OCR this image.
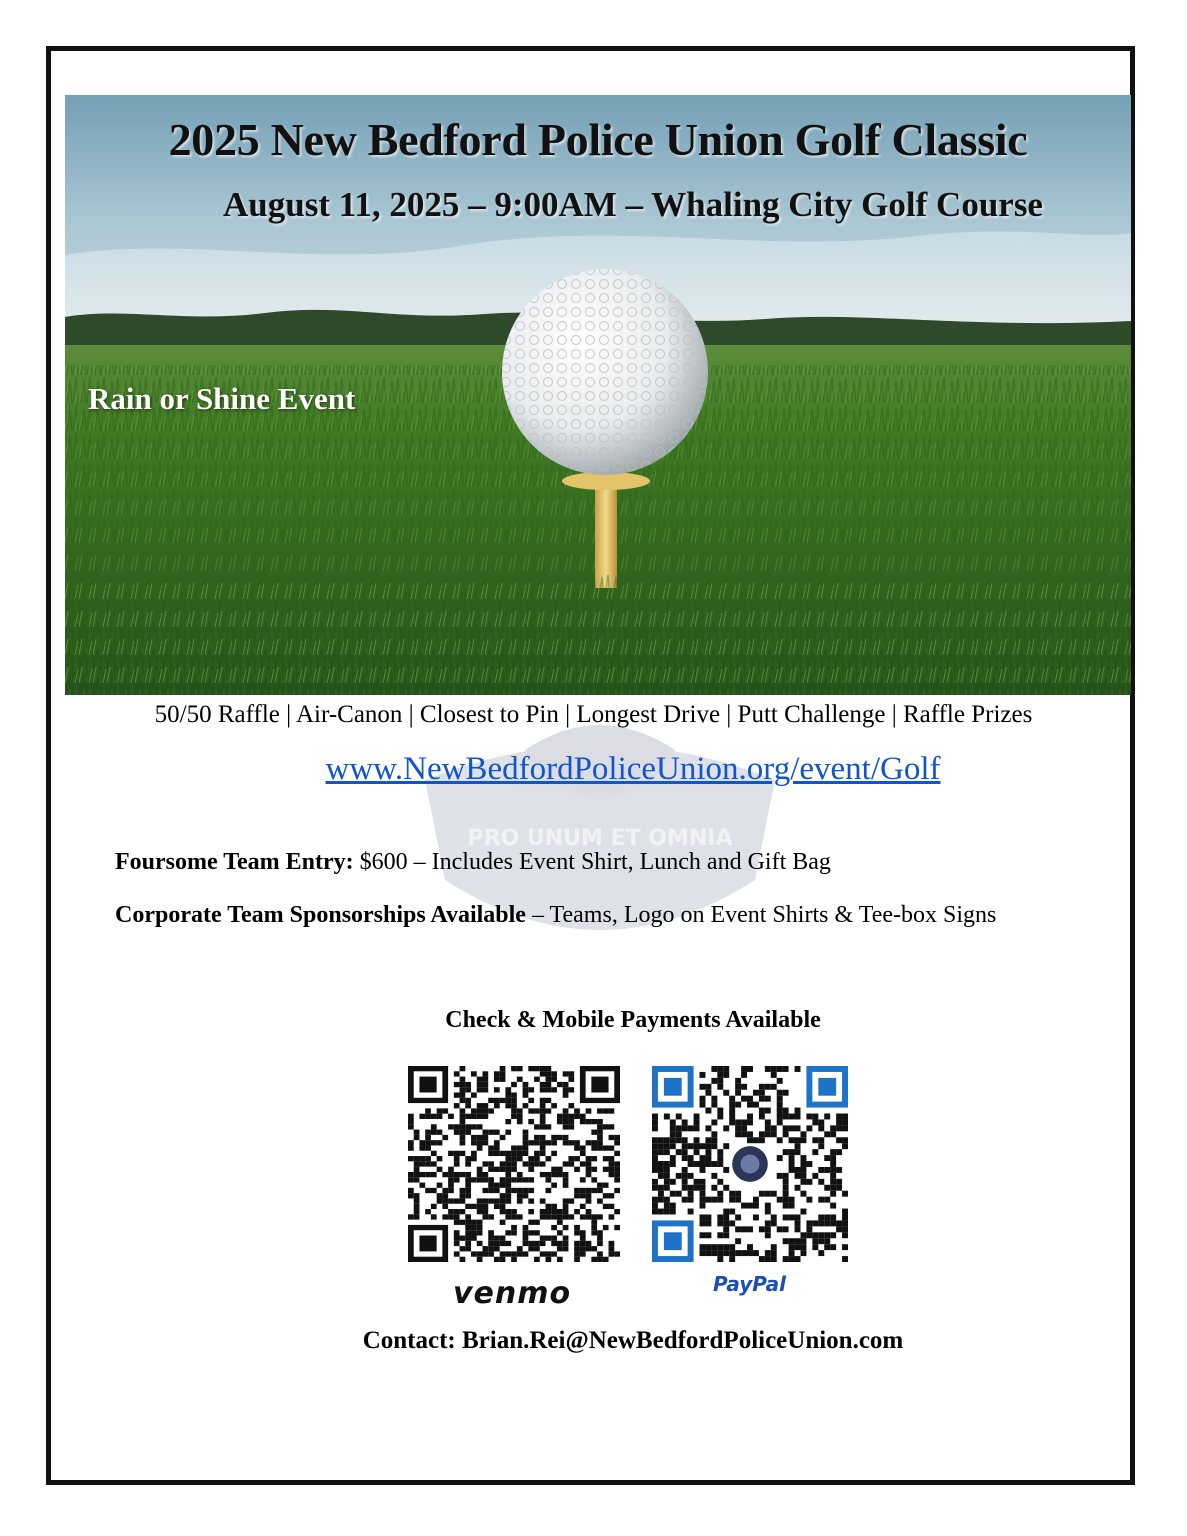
2025 New Bedford Police Union Golf Classic
August 11, 2025 – 9:00AM – Whaling City Golf Course
Rain or Shine Event
PRO UNUM ET OMNIA
50/50 Raffle | Air-Canon | Closest to Pin | Longest Drive | Putt Challenge | Raffle Prizes
www.NewBedfordPoliceUnion.org/event/Golf
Foursome Team Entry: $600 – Includes Event Shirt, Lunch and Gift Bag
Corporate Team Sponsorships Available – Teams, Logo on Event Shirts & Tee-box Signs
Check & Mobile Payments Available
venmo	PayPal
Contact: Brian.Rei@NewBedfordPoliceUnion.com
